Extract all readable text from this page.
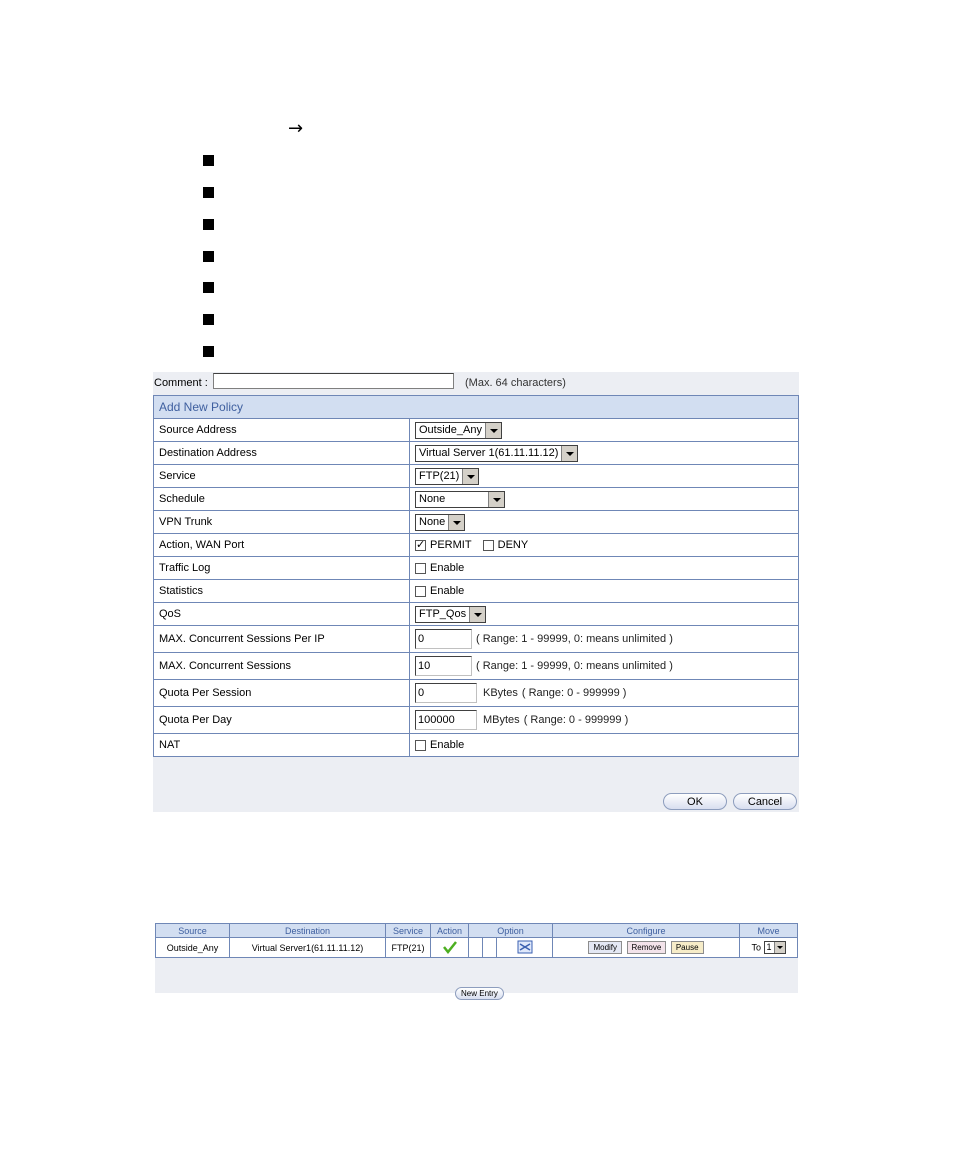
→
Comment :	(Max. 64 characters)
Add New Policy	
Source Address	Outside_Any

Destination Address	Virtual Server 1(61.11.11.12)

Service	FTP(21)

Schedule	None

VPN Trunk	None

Action, WAN Port	✓PERMIT DENY
Traffic Log	Enable
Statistics	Enable
QoS	FTP_Qos

MAX. Concurrent Sessions Per IP	0 ( Range: 1 - 99999, 0: means unlimited )
MAX. Concurrent Sessions	10 ( Range: 1 - 99999, 0: means unlimited )
Quota Per Session	0 KBytes ( Range: 0 - 999999 )
Quota Per Day	100000 MBytes ( Range: 0 - 999999 )
NAT	Enable
OK	Cancel
Source	Destination	Service	Action	Option			Configure	Move
Outside_Any	Virtual Server1(61.11.11.12)	FTP(21)					Modify Remove Pause	To 1
New Entry
